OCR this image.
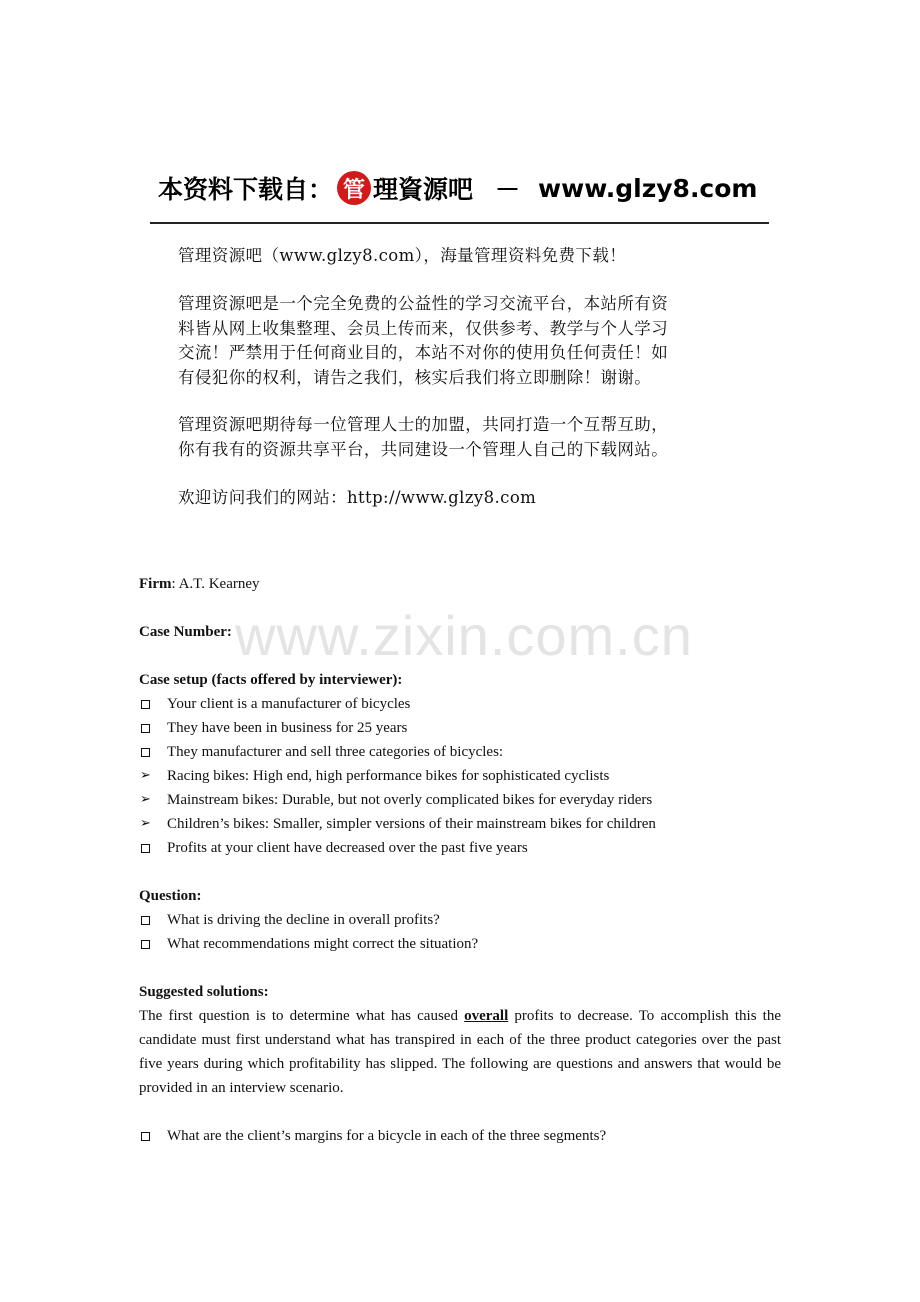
本资料下载自： 管 理資源吧 － www.glzy8.com

管理资源吧（www.glzy8.com），海量管理资料免费下载！

管理资源吧是一个完全免费的公益性的学习交流平台，本站所有资

料皆从网上收集整理、会员上传而来，仅供参考、教学与个人学习

交流！严禁用于任何商业目的，本站不对你的使用负任何责任！如

有侵犯你的权利，请告之我们，核实后我们将立即删除！谢谢。

管理资源吧期待每一位管理人士的加盟，共同打造一个互帮互助，

你有我有的资源共享平台，共同建设一个管理人自己的下载网站。

欢迎访问我们的网站：http://www.glzy8.com

www.zixin.com.cn
Firm: A.T. Kearney
Case Number:
Case setup (facts offered by interviewer):
Your client is a manufacturer of bicycles
They have been in business for 25 years
They manufacturer and sell three categories of bicycles:
➢ Racing bikes: High end, high performance bikes for sophisticated cyclists
➢ Mainstream bikes: Durable, but not overly complicated bikes for everyday riders
➢ Children’s bikes: Smaller, simpler versions of their mainstream bikes for children
Profits at your client have decreased over the past five years
Question:
What is driving the decline in overall profits?
What recommendations might correct the situation?
Suggested solutions:

The first question is to determine what has caused overall profits to decrease. To accomplish this the candidate must first understand what has transpired in each of the three product categories over the past five years during which profitability has slipped. The following are questions and answers that would be provided in an interview scenario.

What are the client’s margins for a bicycle in each of the three segments?
